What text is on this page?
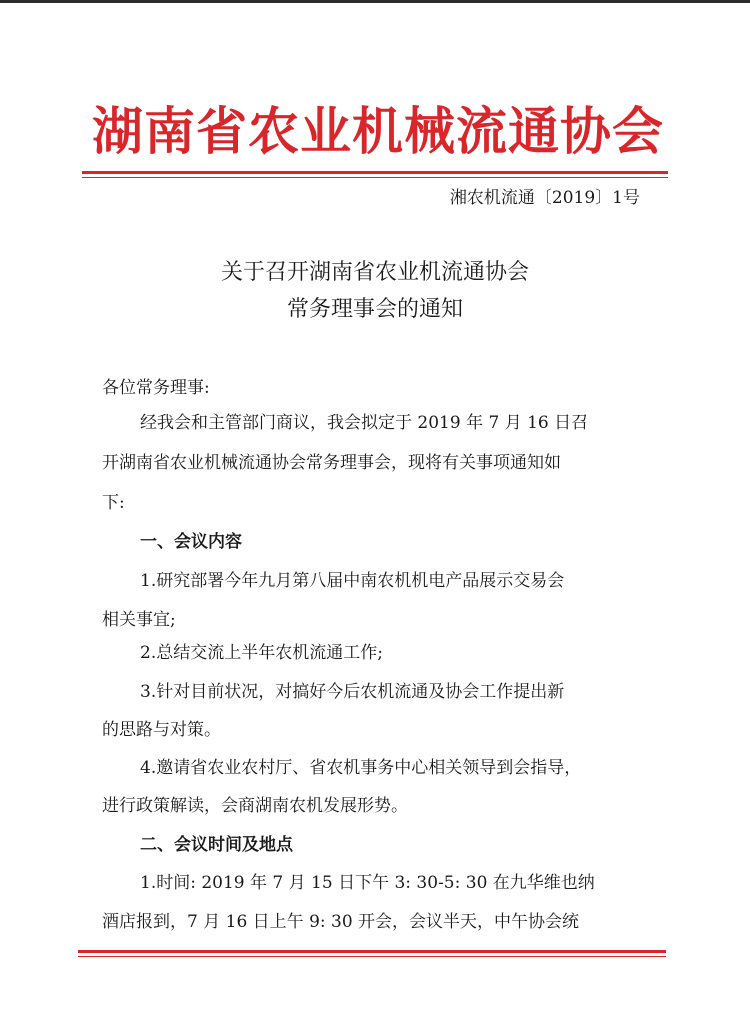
湖南省农业机械流通协会
湘农机流通〔2019〕1号
关于召开湖南省农业机流通协会
常务理事会的通知
各位常务理事:
经我会和主管部门商议，我会拟定于 2019 年 7 月 16 日召
开湖南省农业机械流通协会常务理事会，现将有关事项通知如
下:
一、会议内容
1.研究部署今年九月第八届中南农机机电产品展示交易会
相关事宜;
2.总结交流上半年农机流通工作;
3.针对目前状况，对搞好今后农机流通及协会工作提出新
的思路与对策。
4.邀请省农业农村厅、省农机事务中心相关领导到会指导，
进行政策解读，会商湖南农机发展形势。
二、会议时间及地点
1.时间: 2019 年 7 月 15 日下午 3: 30-5: 30 在九华维也纳
酒店报到，7 月 16 日上午 9: 30 开会，会议半天，中午协会统
